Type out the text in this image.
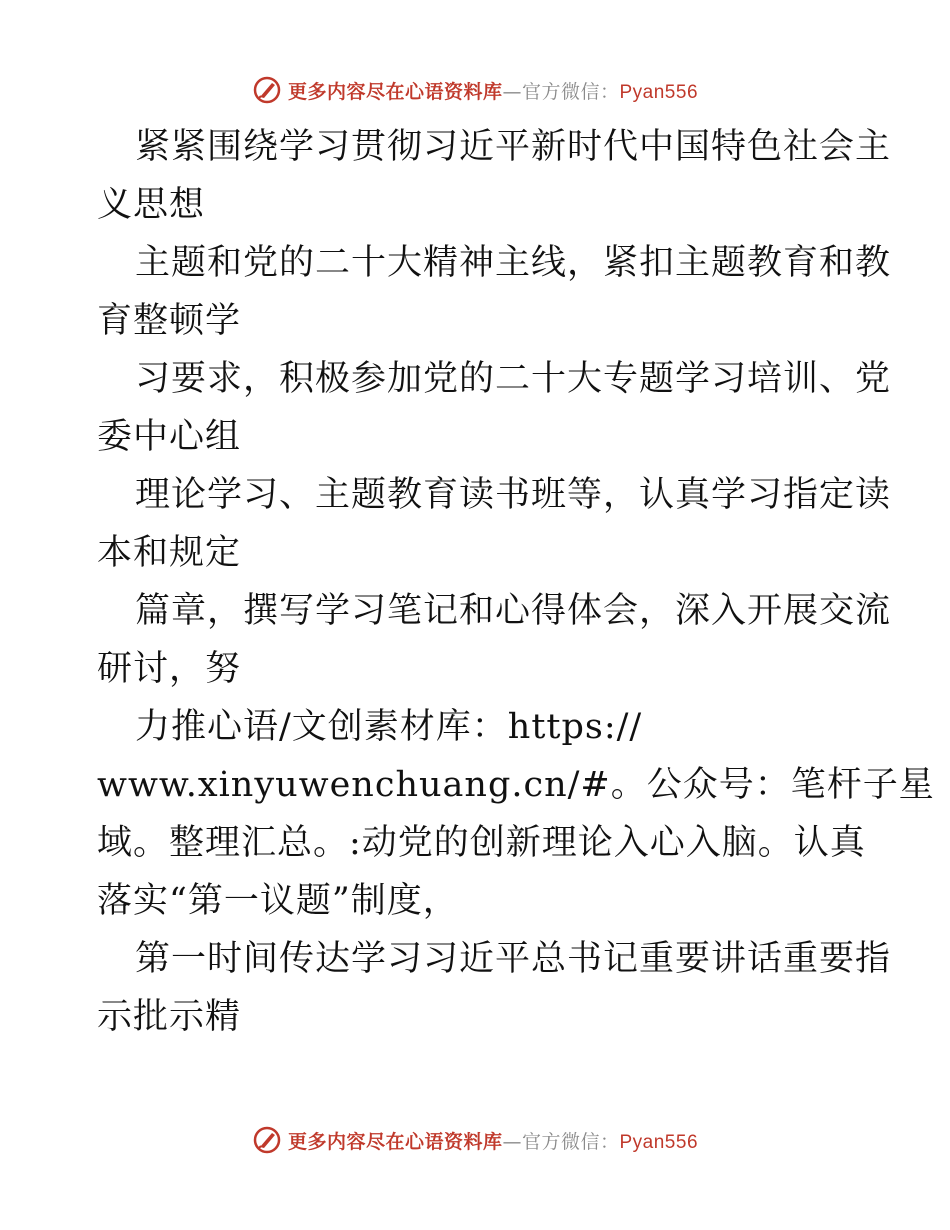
更多内容尽在心语资料库—官方微信：Pyan556
紧紧围绕学习贯彻习近平新时代中国特色社会主
义思想
主题和党的二十大精神主线，紧扣主题教育和教
育整顿学
习要求，积极参加党的二十大专题学习培训、党
委中心组
理论学习、主题教育读书班等，认真学习指定读
本和规定
篇章，撰写学习笔记和心得体会，深入开展交流
研讨，努
力推心语/文创素材库：https://
www.xinyuwenchuang.cn/#。公众号：笔杆子星
域。整理汇总。:动党的创新理论入心入脑。认真
落实“第一议题”制度，
第一时间传达学习习近平总书记重要讲话重要指
示批示精
更多内容尽在心语资料库—官方微信：Pyan556
